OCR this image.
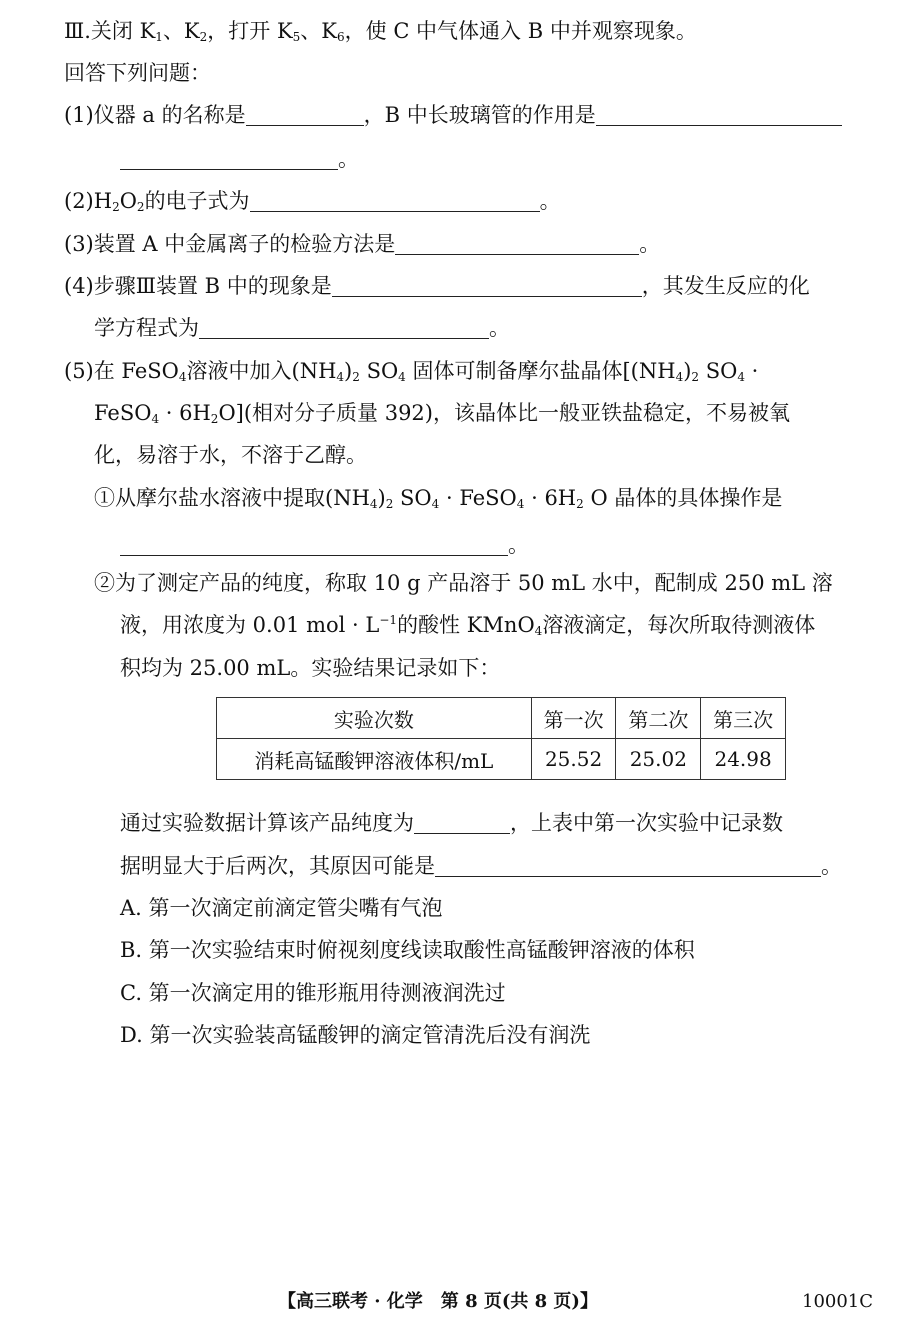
Ⅲ.关闭 $K_1$、$K_2$，打开 $K_5$、$K_6$，使 C 中气体通入 B 中并观察现象。
回答下列问题：
(1)仪器 a 的名称是	，B 中长玻璃管的作用是
。
$(2)H_2O_2$的电子式为	。
(3)装置 A 中金属离子的检验方法是	。
(4)步骤Ⅲ装置 B 中的现象是	，其发生反应的化
学方程式为	。
(5)在 FeSO$_4$溶液中加入$(NH_4)_2$ $SO_4$ 固体可制备摩尔盐晶体[$(NH_4)_2$ $SO_4$ ·
FeSO$_4$ · $6H_2O$](相对分子质量 392)，该晶体比一般亚铁盐稳定，不易被氧
化，易溶于水，不溶于乙醇。
①从摩尔盐水溶液中提取$(NH_4)_2$ $SO_4$ · FeSO$_4$ · $6H_2$ O 晶体的具体操作是
。
②为了测定产品的纯度，称取 10 g 产品溶于 50 mL 水中，配制成 250 mL 溶
液，用浓度为 0.01 mol · $L^{-1}$的酸性 KMnO$_4$溶液滴定，每次所取待测液体
积均为 25.00 mL。实验结果记录如下：
实验次数	第一次	第二次	第三次
消耗高锰酸钾溶液体积/mL	25.52	25.02	24.98
通过实验数据计算该产品纯度为	，上表中第一次实验中记录数
据明显大于后两次，其原因可能是	。
A. 第一次滴定前滴定管尖嘴有气泡
B. 第一次实验结束时俯视刻度线读取酸性高锰酸钾溶液的体积
C. 第一次滴定用的锥形瓶用待测液润洗过
D. 第一次实验装高锰酸钾的滴定管清洗后没有润洗
【高三联考 · 化学　第 8 页(共 8 页)】	10001C
